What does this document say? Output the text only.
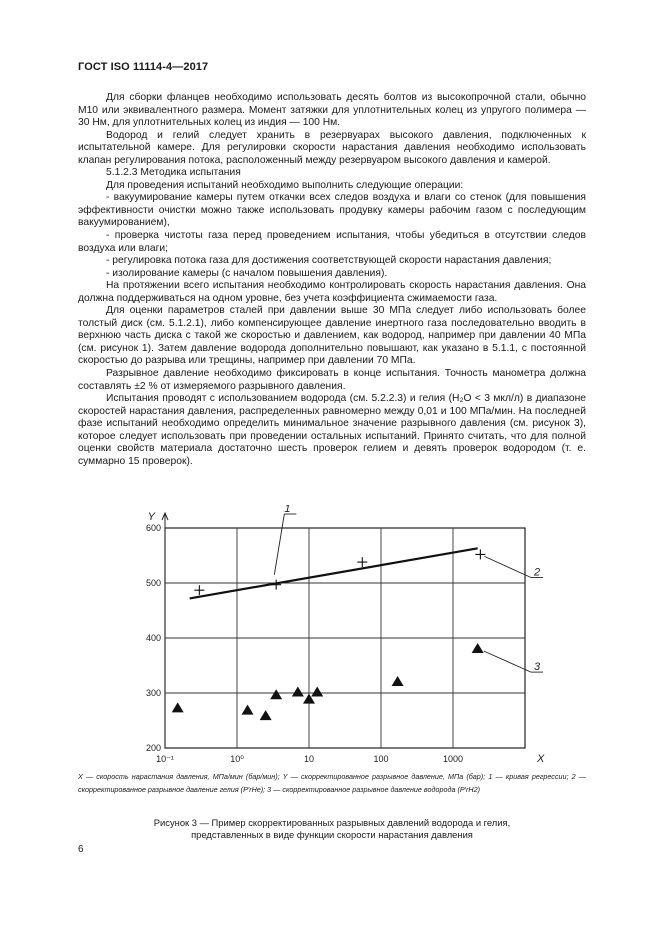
ГОСТ ISO 11114-4—2017

Для сборки фланцев необходимо использовать десять болтов из высокопрочной стали, обычно М10 или эквивалентного размера. Момент затяжки для уплотнительных колец из упругого полимера — 30 Нм, для уплотнительных колец из индия — 100 Нм.

Водород и гелий следует хранить в резервуарах высокого давления, подключенных к испытательной камере. Для регулировки скорости нарастания давления необходимо использовать клапан регулирования потока, расположенный между резервуаром высокого давления и камерой.

5.1.2.3 Методика испытания

Для проведения испытаний необходимо выполнить следующие операции:

- вакуумирование камеры путем откачки всех следов воздуха и влаги со стенок (для повышения эффективности очистки можно также использовать продувку камеры рабочим газом с последующим вакуумированием),

- проверка чистоты газа перед проведением испытания, чтобы убедиться в отсутствии следов воздуха или влаги;

- регулировка потока газа для достижения соответствующей скорости нарастания давления;

- изолирование камеры (с началом повышения давления).

На протяжении всего испытания необходимо контролировать скорость нарастания давления. Она должна поддерживаться на одном уровне, без учета коэффициента сжимаемости газа.

Для оценки параметров сталей при давлении выше 30 МПа следует либо использовать более толстый диск (см. 5.1.2.1), либо компенсирующее давление инертного газа последовательно вводить в верхнюю часть диска с такой же скоростью и давлением, как водород, например при давлении 40 МПа (см. рисунок 1). Затем давление водорода дополнительно повышают, как указано в 5.1.1, с постоянной скоростью до разрыва или трещины, например при давлении 70 МПа.

Разрывное давление необходимо фиксировать в конце испытания. Точность манометра должна составлять ±2 % от измеряемого разрывного давления.

Испытания проводят с использованием водорода (см. 5.2.2.3) и гелия (H₂O < 3 мкл/л) в диапазоне скоростей нарастания давления, распределенных равномерно между 0,01 и 100 МПа/мин. На последней фазе испытаний необходимо определить минимальное значение разрывного давления (см. рисунок 3), которое следует использовать при проведении остальных испытаний. Принято считать, что для полной оценки свойств материала достаточно шесть проверок гелием и девять проверок водородом (т. е. суммарно 15 проверок).

200
300
400
500
600
10⁻¹	10⁰	10	100	1000
Y
X
1
2
3
X — скорость нарастания давления, МПа/мин (бар/мин); Y — скорректированное разрывное давление, МПа (бар); 1 — кривая регрессии; 2 — скорректированное разрывное давление гелия (P′rHe); 3 — скорректированное разрывное давление водорода (P′rH2)
Рисунок 3 — Пример скорректированных разрывных давлений водорода и гелия,
представленных в виде функции скорости нарастания давления
6
